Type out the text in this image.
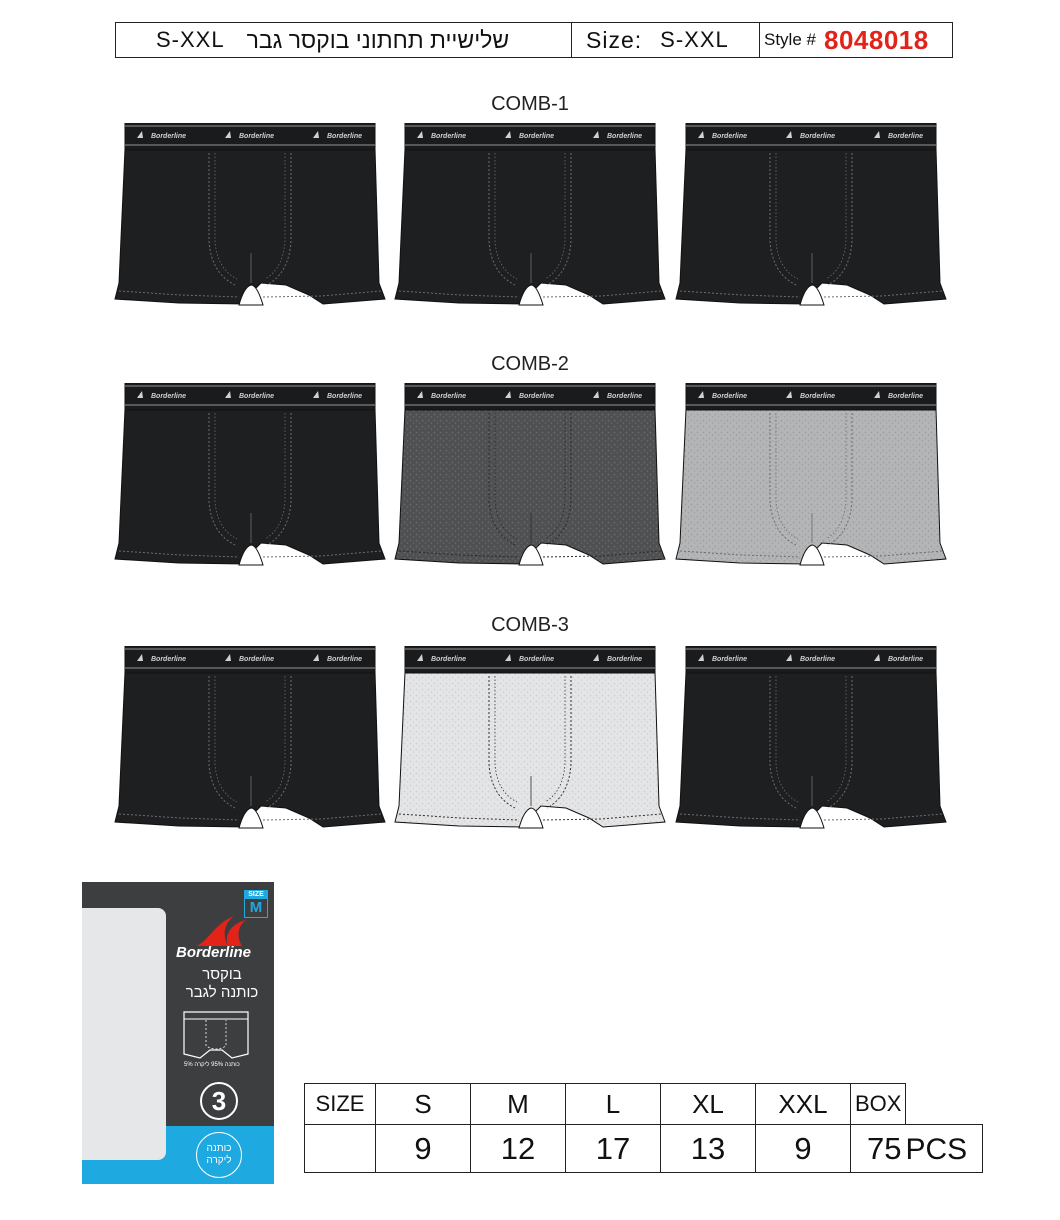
S-XXL שלישיית תחתוני בוקסר גבר	Size: S-XXL Style # 8048018
COMB-1
COMB-2
COMB-3
Borderline	Borderline	Borderline	Borderline	Borderline	Borderline	Borderline	Borderline	Borderline
Borderline	Borderline	Borderline	Borderline	Borderline	Borderline	Borderline	Borderline	Borderline
Borderline	Borderline	Borderline	Borderline	Borderline	Borderline	Borderline	Borderline	Borderline
SIZE
M
Borderline
בוקסר כותנה לגבר
כותנה 95% ליקרה 5%
3
כותנה ליקרה
SIZE	S	M	L	XL	XXL	BOX	
	9	12	17	13	9	75 PCS	
